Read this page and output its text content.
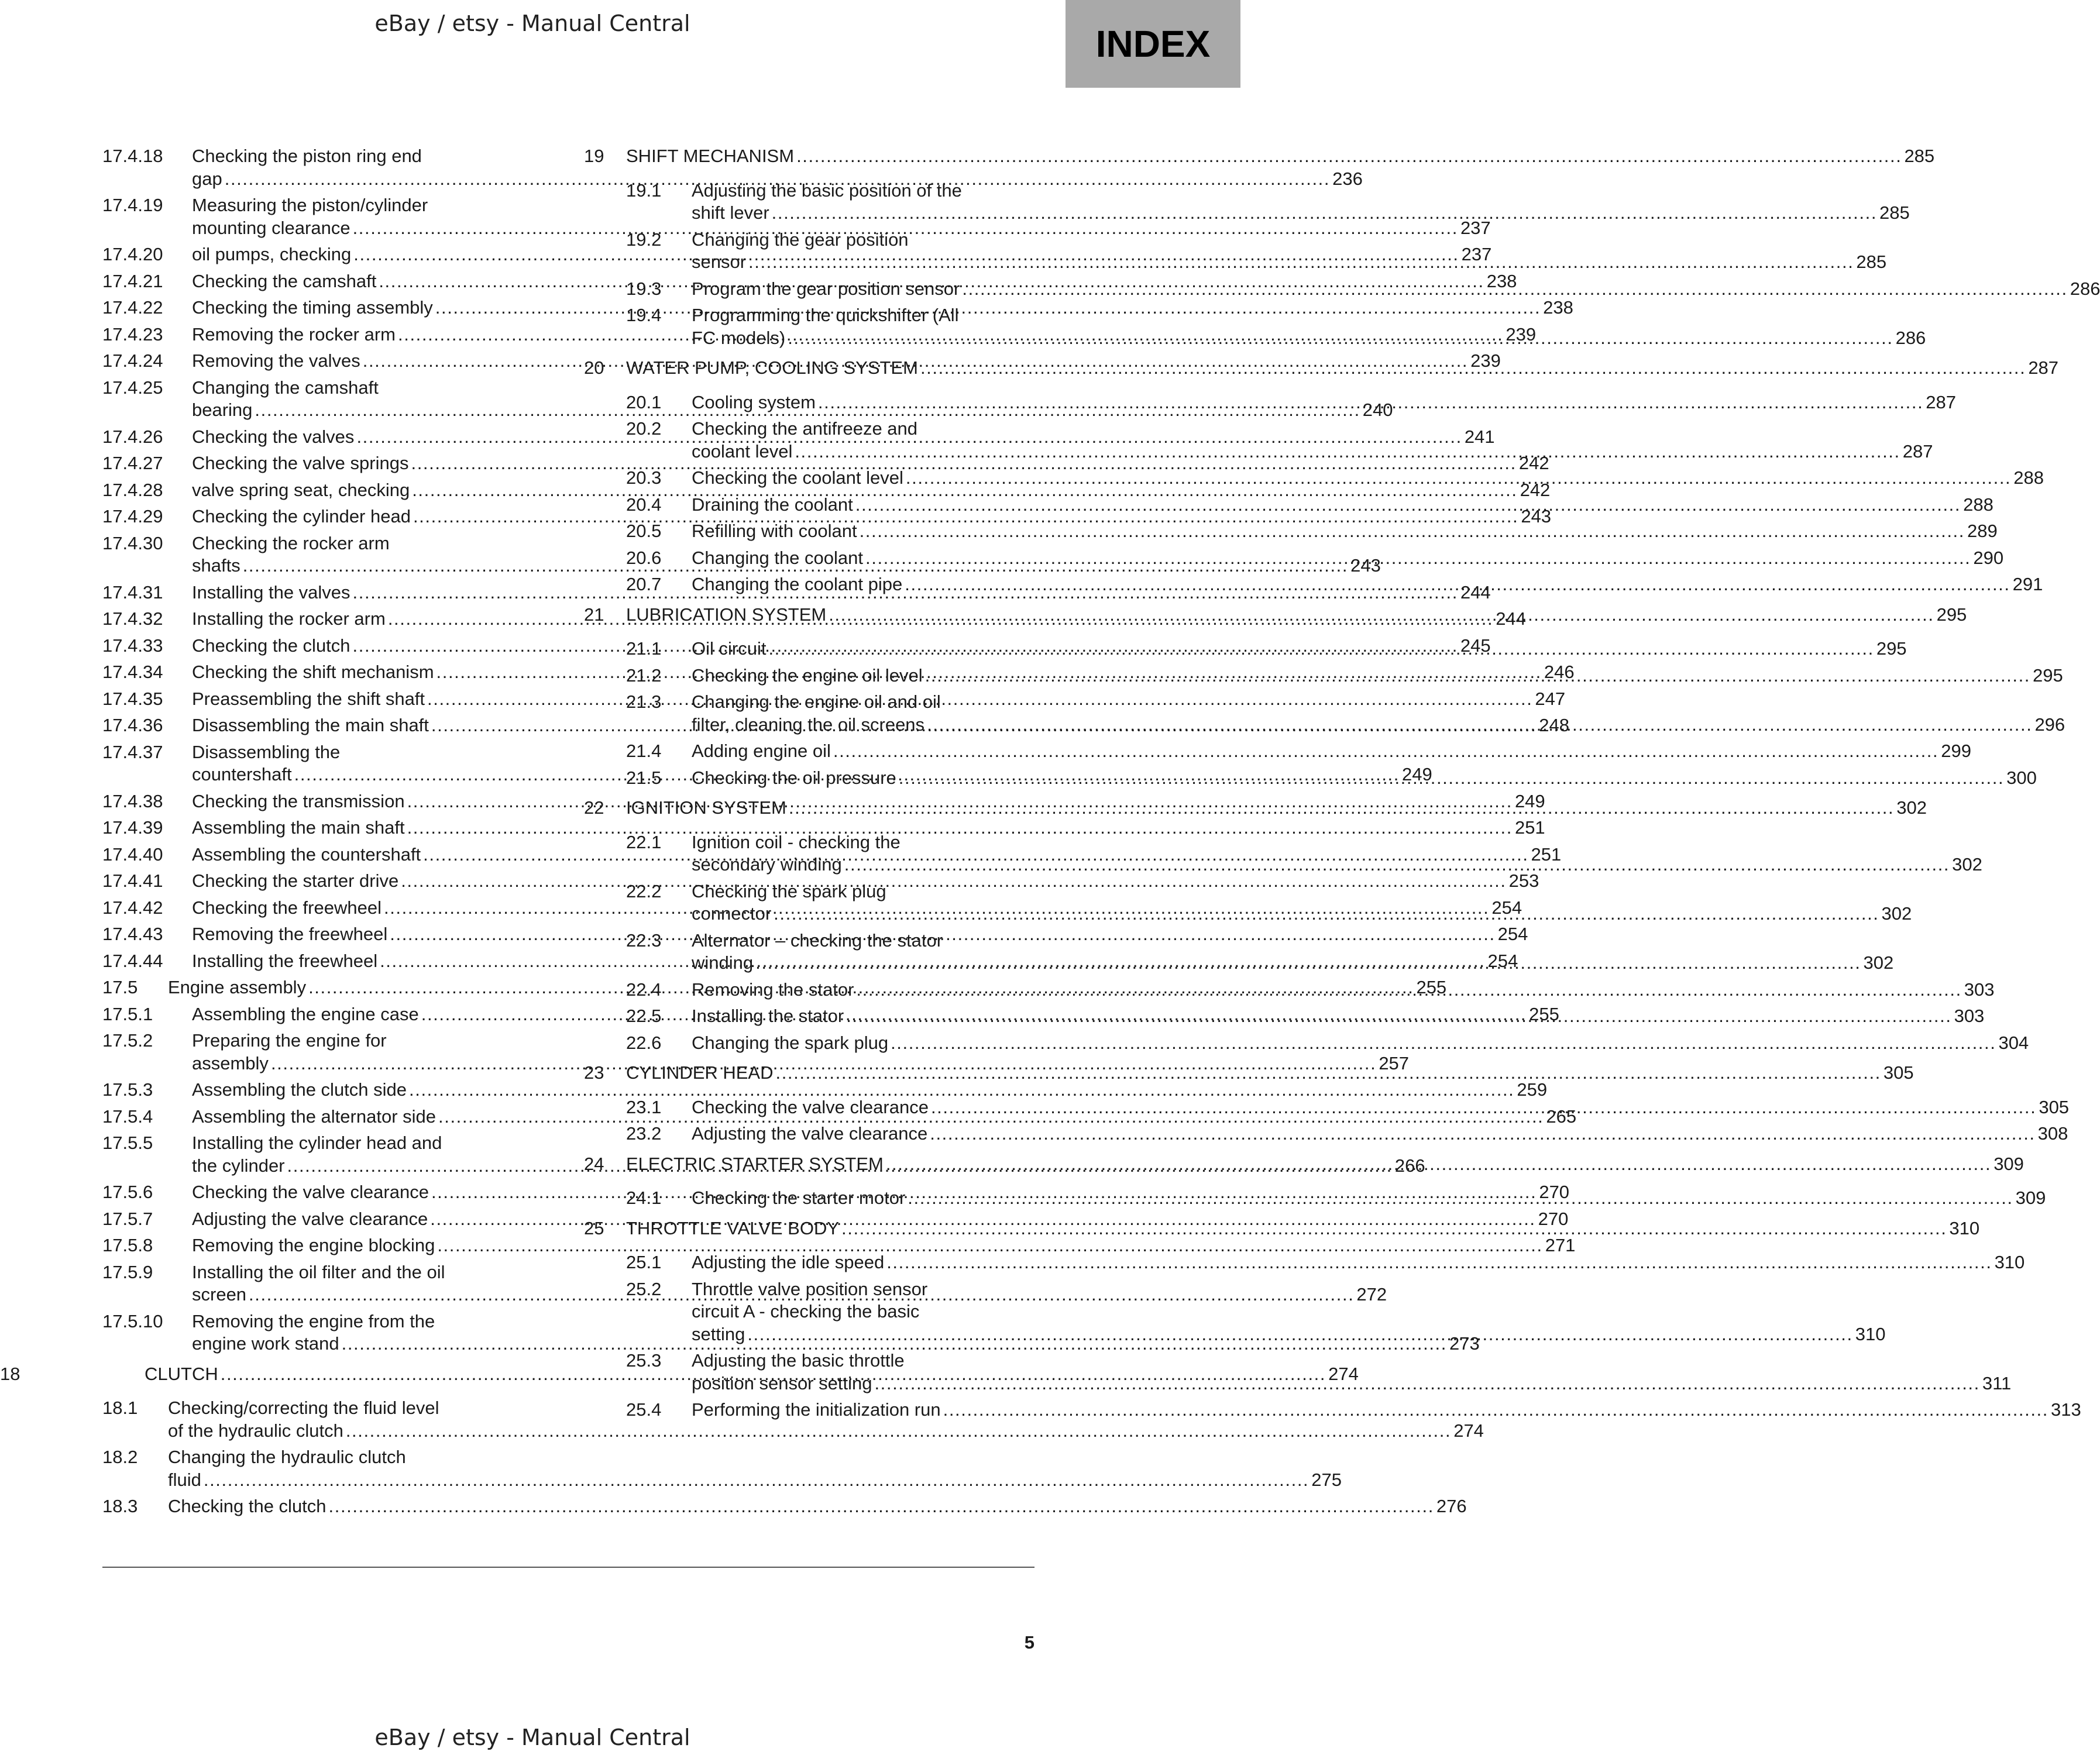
eBay / etsy - Manual Central	INDEX
17.4.18 Checking the piston ring end
gap .....	236
17.4.19 Measuring the piston/cylinder
mounting clearance .....	237
17.4.20 oil pumps, checking .....	237
17.4.21 Checking the camshaft .....	238
17.4.22 Checking the timing assembly .....	238
17.4.23 Removing the rocker arm .....	239
17.4.24 Removing the valves .....	239
17.4.25 Changing the camshaft
bearing .....	240
17.4.26 Checking the valves .....	241
17.4.27 Checking the valve springs .....	242
17.4.28 valve spring seat, checking .....	242
17.4.29 Checking the cylinder head .....	243
17.4.30 Checking the rocker arm
shafts .....	243
17.4.31 Installing the valves .....	244
17.4.32 Installing the rocker arm .....	244
17.4.33 Checking the clutch .....	245
17.4.34 Checking the shift mechanism .....	246
17.4.35 Preassembling the shift shaft .....	247
17.4.36 Disassembling the main shaft .....	248
17.4.37 Disassembling the
countershaft .....	249
17.4.38 Checking the transmission .....	249
17.4.39 Assembling the main shaft .....	251
17.4.40 Assembling the countershaft .....	251
17.4.41 Checking the starter drive .....	253
17.4.42 Checking the freewheel .....	254
17.4.43 Removing the freewheel .....	254
17.4.44 Installing the freewheel .....	254
17.5 Engine assembly .....	255
17.5.1 Assembling the engine case .....	255
17.5.2 Preparing the engine for
assembly .....	257
17.5.3 Assembling the clutch side .....	259
17.5.4 Assembling the alternator side .....	265
17.5.5 Installing the cylinder head and
the cylinder .....	266
17.5.6 Checking the valve clearance .....	270
17.5.7 Adjusting the valve clearance .....	270
17.5.8 Removing the engine blocking .....	271
17.5.9 Installing the oil filter and the oil
screen .....	272
17.5.10 Removing the engine from the
engine work stand .....	273
18	CLUTCH .....	274
18.1 Checking/correcting the fluid level
of the hydraulic clutch .....	274
18.2 Changing the hydraulic clutch
fluid .....	275
18.3 Checking the clutch .....	276
19 SHIFT MECHANISM .....	285
19.1 Adjusting the basic position of the
shift lever .....	285
19.2 Changing the gear position
sensor .....	285
19.3 Program the gear position sensor .....	286
19.4 Programming the quickshifter (All
FC models) .....	286
20 WATER PUMP, COOLING SYSTEM .....	287
20.1 Cooling system .....	287
20.2 Checking the antifreeze and
coolant level .....	287
20.3 Checking the coolant level .....	288
20.4 Draining the coolant .....	288
20.5 Refilling with coolant .....	289
20.6 Changing the coolant .....	290
20.7 Changing the coolant pipe .....	291
21 LUBRICATION SYSTEM .....	295
21.1 Oil circuit .....	295
21.2 Checking the engine oil level .....	295
21.3 Changing the engine oil and oil
filter, cleaning the oil screens .....	296
21.4 Adding engine oil .....	299
21.5 Checking the oil pressure .....	300
22 IGNITION SYSTEM .....	302
22.1 Ignition coil - checking the
secondary winding .....	302
22.2 Checking the spark plug
connector .....	302
22.3 Alternator – checking the stator
winding .....	302
22.4 Removing the stator .....	303
22.5 Installing the stator .....	303
22.6 Changing the spark plug .....	304
23 CYLINDER HEAD .....	305
23.1 Checking the valve clearance .....	305
23.2 Adjusting the valve clearance .....	308
24 ELECTRIC STARTER SYSTEM .....	309
24.1 Checking the starter motor .....	309
25 THROTTLE VALVE BODY .....	310
25.1 Adjusting the idle speed .....	310
25.2 Throttle valve position sensor
circuit A - checking the basic
setting .....	310
25.3 Adjusting the basic throttle
position sensor setting .....	311
25.4 Performing the initialization run .....	313
5
eBay / etsy - Manual Central
